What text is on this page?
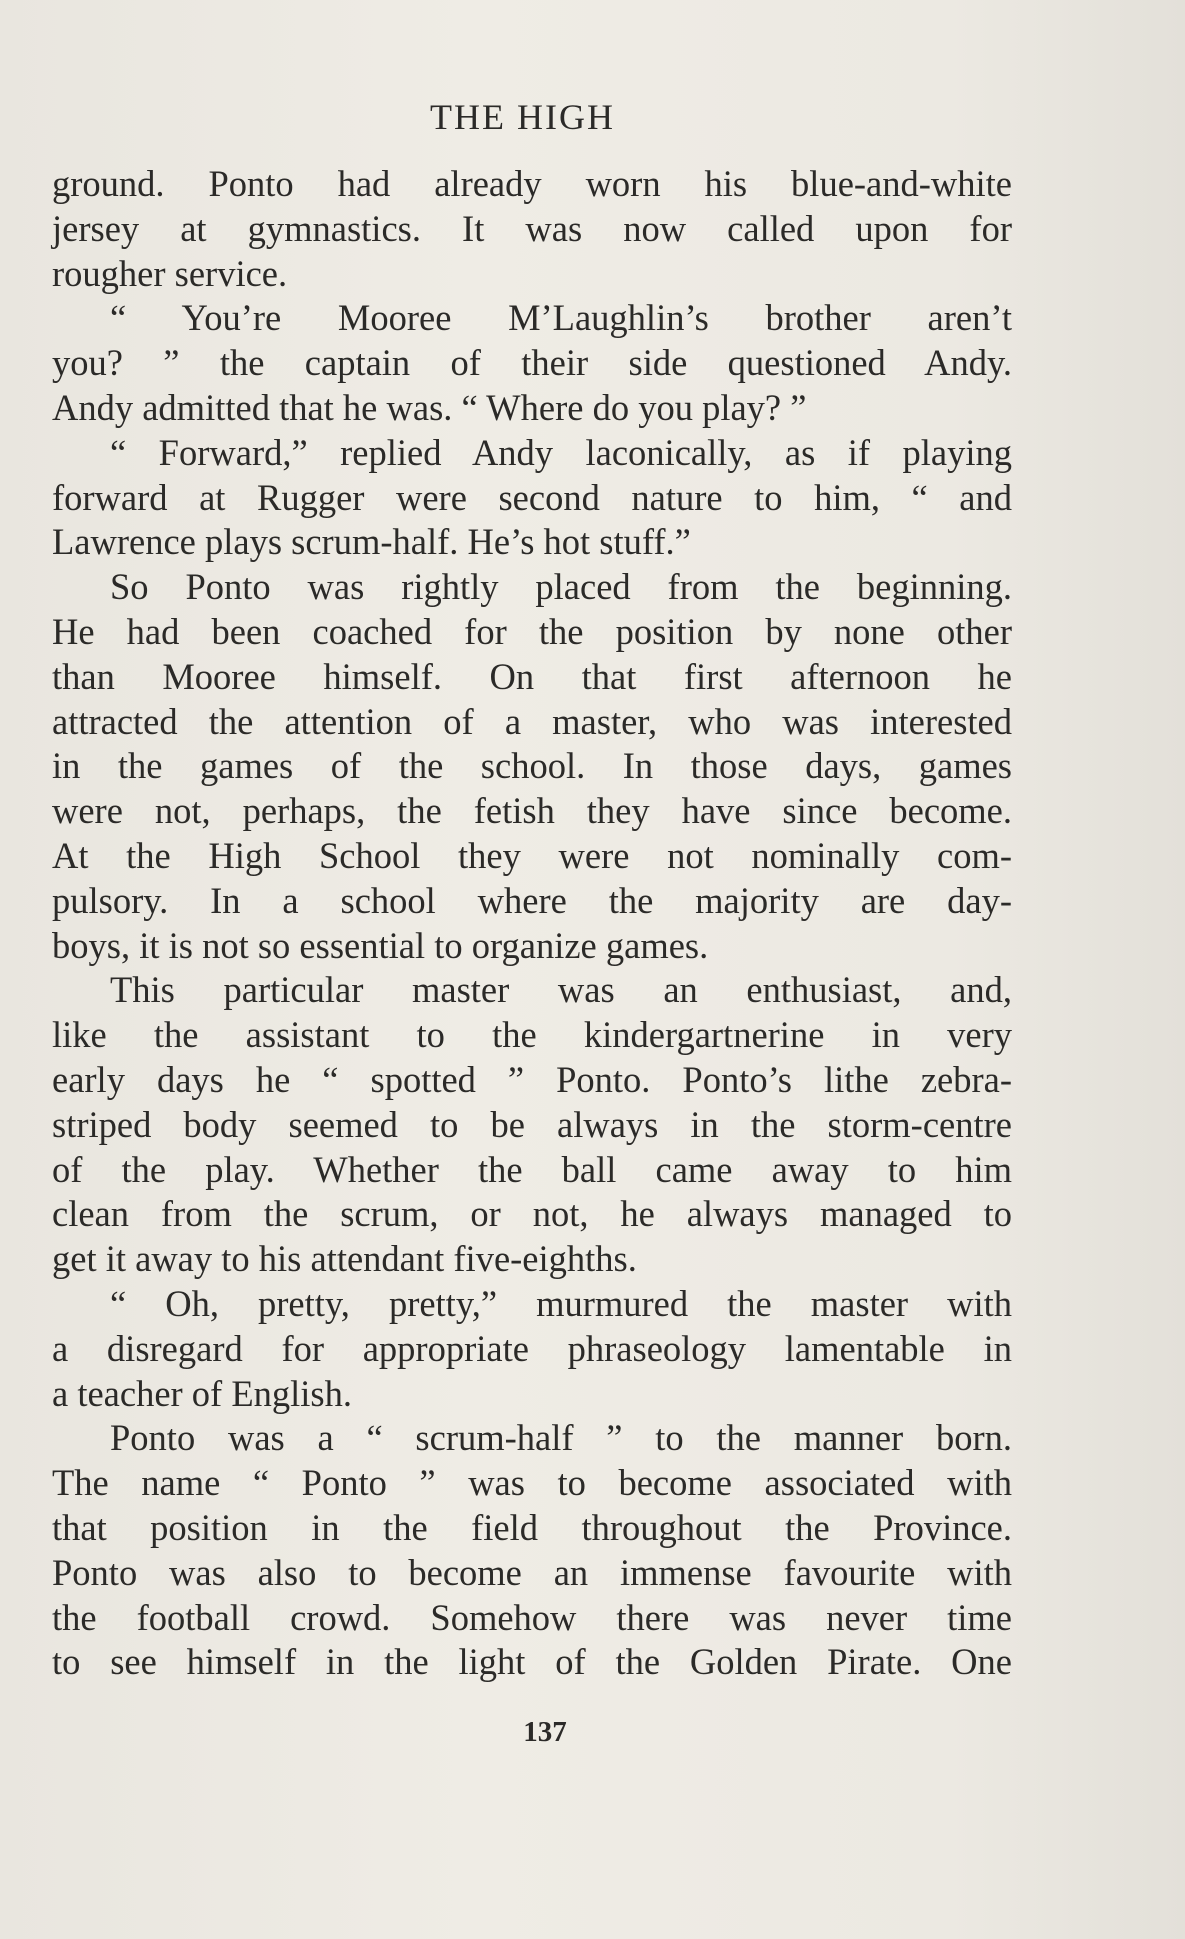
THE HIGH
ground. Ponto had already worn his blue-and-white
jersey at gymnastics. It was now called upon for
rougher service.
“ You’re Mooree M’Laughlin’s brother aren’t
you? ” the captain of their side questioned Andy.
Andy admitted that he was. “ Where do you play? ”
“ Forward,” replied Andy laconically, as if playing
forward at Rugger were second nature to him, “ and
Lawrence plays scrum-half. He’s hot stuff.”
So Ponto was rightly placed from the beginning.
He had been coached for the position by none other
than Mooree himself. On that first afternoon he
attracted the attention of a master, who was interested
in the games of the school. In those days, games
were not, perhaps, the fetish they have since become.
At the High School they were not nominally com-
pulsory. In a school where the majority are day-
boys, it is not so essential to organize games.
This particular master was an enthusiast, and,
like the assistant to the kindergartnerine in very
early days he “ spotted ” Ponto. Ponto’s lithe zebra-
striped body seemed to be always in the storm-centre
of the play. Whether the ball came away to him
clean from the scrum, or not, he always managed to
get it away to his attendant five-eighths.
“ Oh, pretty, pretty,” murmured the master with
a disregard for appropriate phraseology lamentable in
a teacher of English.
Ponto was a “ scrum-half ” to the manner born.
The name “ Ponto ” was to become associated with
that position in the field throughout the Province.
Ponto was also to become an immense favourite with
the football crowd. Somehow there was never time
to see himself in the light of the Golden Pirate. One
137
